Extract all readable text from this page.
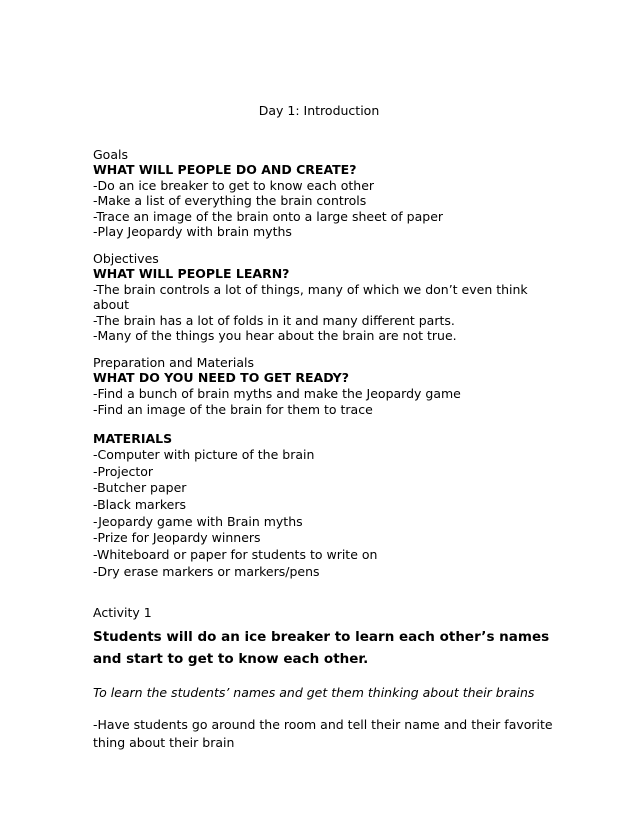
Day 1: Introduction
Goals
WHAT WILL PEOPLE DO AND CREATE?
-Do an ice breaker to get to know each other
-Make a list of everything the brain controls
-Trace an image of the brain onto a large sheet of paper
-Play Jeopardy with brain myths
Objectives
WHAT WILL PEOPLE LEARN?
-The brain controls a lot of things, many of which we don’t even think about
-The brain has a lot of folds in it and many different parts.
-Many of the things you hear about the brain are not true.
Preparation and Materials
WHAT DO YOU NEED TO GET READY?
-Find a bunch of brain myths and make the Jeopardy game
-Find an image of the brain for them to trace
MATERIALS
-Computer with picture of the brain
-Projector
-Butcher paper
-Black markers
-Jeopardy game with Brain myths
-Prize for Jeopardy winners
-Whiteboard or paper for students to write on
-Dry erase markers or markers/pens
Activity 1
Students will do an ice breaker to learn each other’s names and start to get to know each other.
To learn the students’ names and get them thinking about their brains
-Have students go around the room and tell their name and their favorite thing about their brain
